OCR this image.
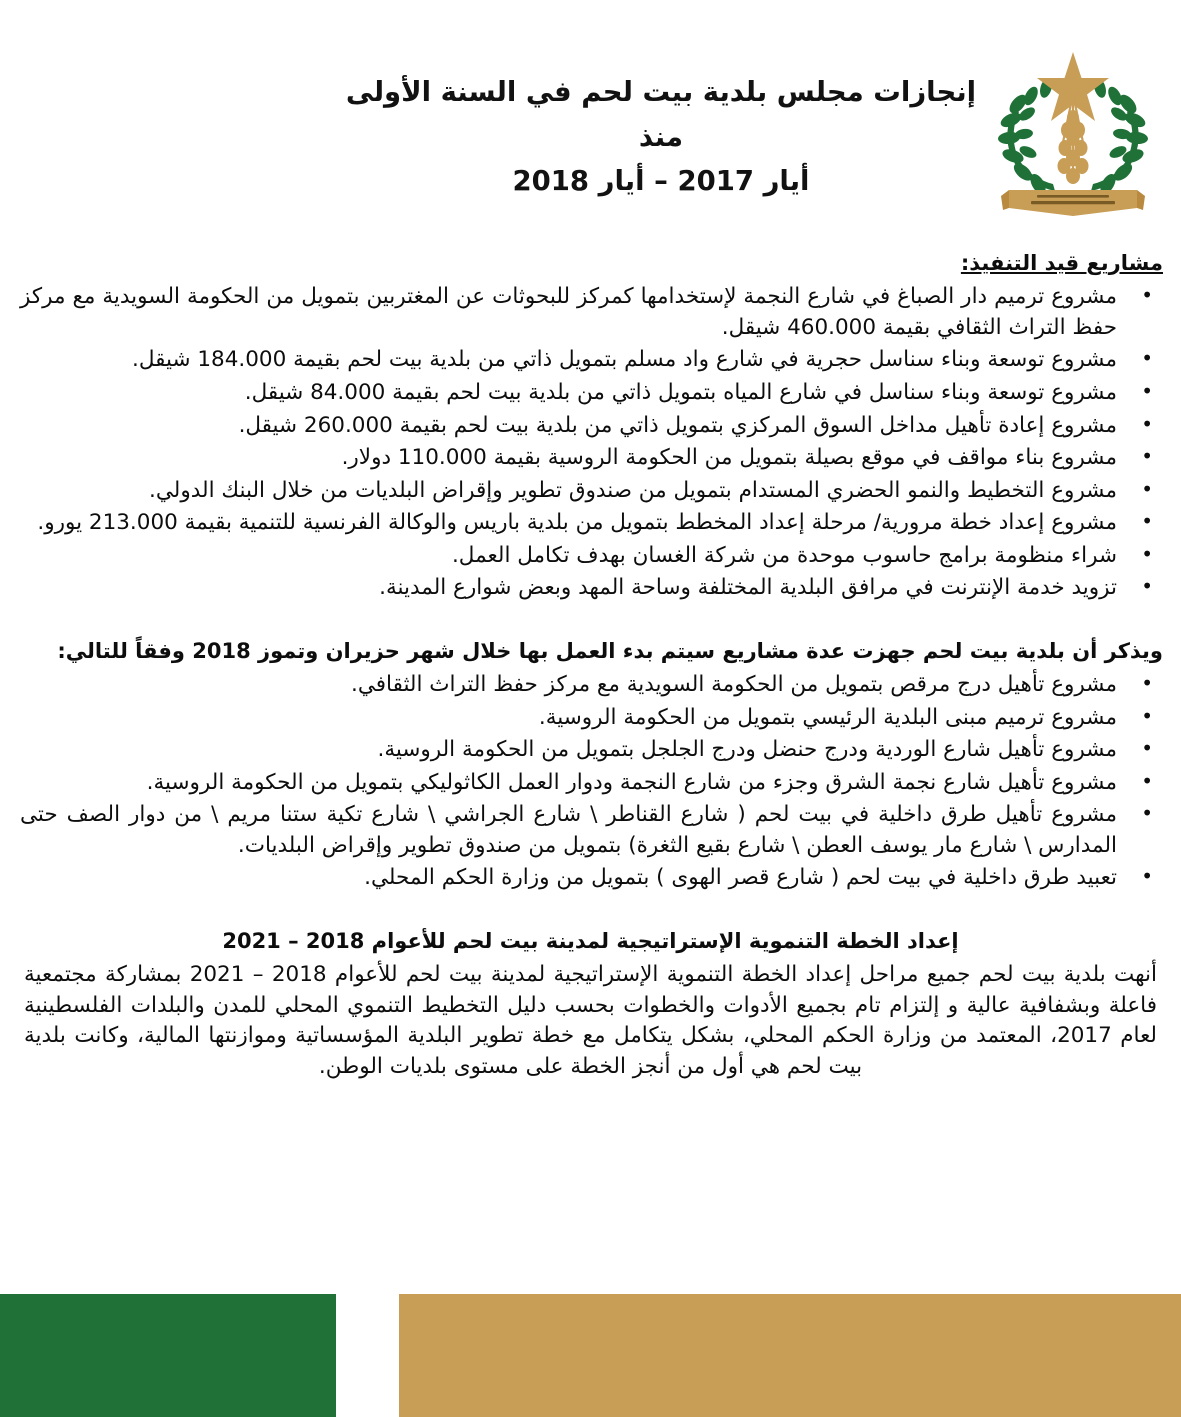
إنجازات مجلس بلدية بيت لحم في السنة الأولى منذ
أيار 2017 – أيار 2018
مشاريع قيد التنفيذ:
• مشروع ترميم دار الصباغ في شارع النجمة لإستخدامها كمركز للبحوثات عن المغتربين بتمويل من الحكومة السويدية مع مركز حفظ التراث الثقافي بقيمة 460.000 شيقل.
• مشروع توسعة وبناء سناسل حجرية في شارع واد مسلم بتمويل ذاتي من بلدية بيت لحم بقيمة 184.000 شيقل.
• مشروع توسعة وبناء سناسل في شارع المياه بتمويل ذاتي من بلدية بيت لحم بقيمة 84.000 شيقل.
• مشروع إعادة تأهيل مداخل السوق المركزي بتمويل ذاتي من بلدية بيت لحم بقيمة 260.000 شيقل.
• مشروع بناء مواقف في موقع بصيلة بتمويل من الحكومة الروسية بقيمة 110.000 دولار.
• مشروع التخطيط والنمو الحضري المستدام بتمويل من صندوق تطوير وإقراض البلديات من خلال البنك الدولي.
• مشروع إعداد خطة مرورية/ مرحلة إعداد المخطط بتمويل من بلدية باريس والوكالة الفرنسية للتنمية بقيمة 213.000 يورو.
• شراء منظومة برامج حاسوب موحدة من شركة الغسان بهدف تكامل العمل.
• تزويد خدمة الإنترنت في مرافق البلدية المختلفة وساحة المهد وبعض شوارع المدينة.
ويذكر أن بلدية بيت لحم جهزت عدة مشاريع سيتم بدء العمل بها خلال شهر حزيران وتموز 2018 وفقاً للتالي:
• مشروع تأهيل درج مرقص بتمويل من الحكومة السويدية مع مركز حفظ التراث الثقافي.
• مشروع ترميم مبنى البلدية الرئيسي بتمويل من الحكومة الروسية.
• مشروع تأهيل شارع الوردية ودرج حنضل ودرج الجلجل بتمويل من الحكومة الروسية.
• مشروع تأهيل شارع نجمة الشرق وجزء من شارع النجمة ودوار العمل الكاثوليكي بتمويل من الحكومة الروسية.
• مشروع تأهيل طرق داخلية في بيت لحم ( شارع القناطر \ شارع الجراشي \ شارع تكية ستنا مريم \ من دوار الصف حتى المدارس \ شارع مار يوسف العطن \ شارع بقيع الثغرة) بتمويل من صندوق تطوير وإقراض البلديات.
• تعبيد طرق داخلية في بيت لحم ( شارع قصر الهوى ) بتمويل من وزارة الحكم المحلي.
إعداد الخطة التنموية الإستراتيجية لمدينة بيت لحم للأعوام 2018 – 2021

أنهت بلدية بيت لحم جميع مراحل إعداد الخطة التنموية الإستراتيجية لمدينة بيت لحم للأعوام 2018 – 2021 بمشاركة مجتمعية فاعلة وبشفافية عالية و إلتزام تام بجميع الأدوات والخطوات بحسب دليل التخطيط التنموي المحلي للمدن والبلدات الفلسطينية لعام 2017، المعتمد من وزارة الحكم المحلي، بشكل يتكامل مع خطة تطوير البلدية المؤسساتية وموازنتها المالية، وكانت بلدية بيت لحم هي أول من أنجز الخطة على مستوى بلديات الوطن.
